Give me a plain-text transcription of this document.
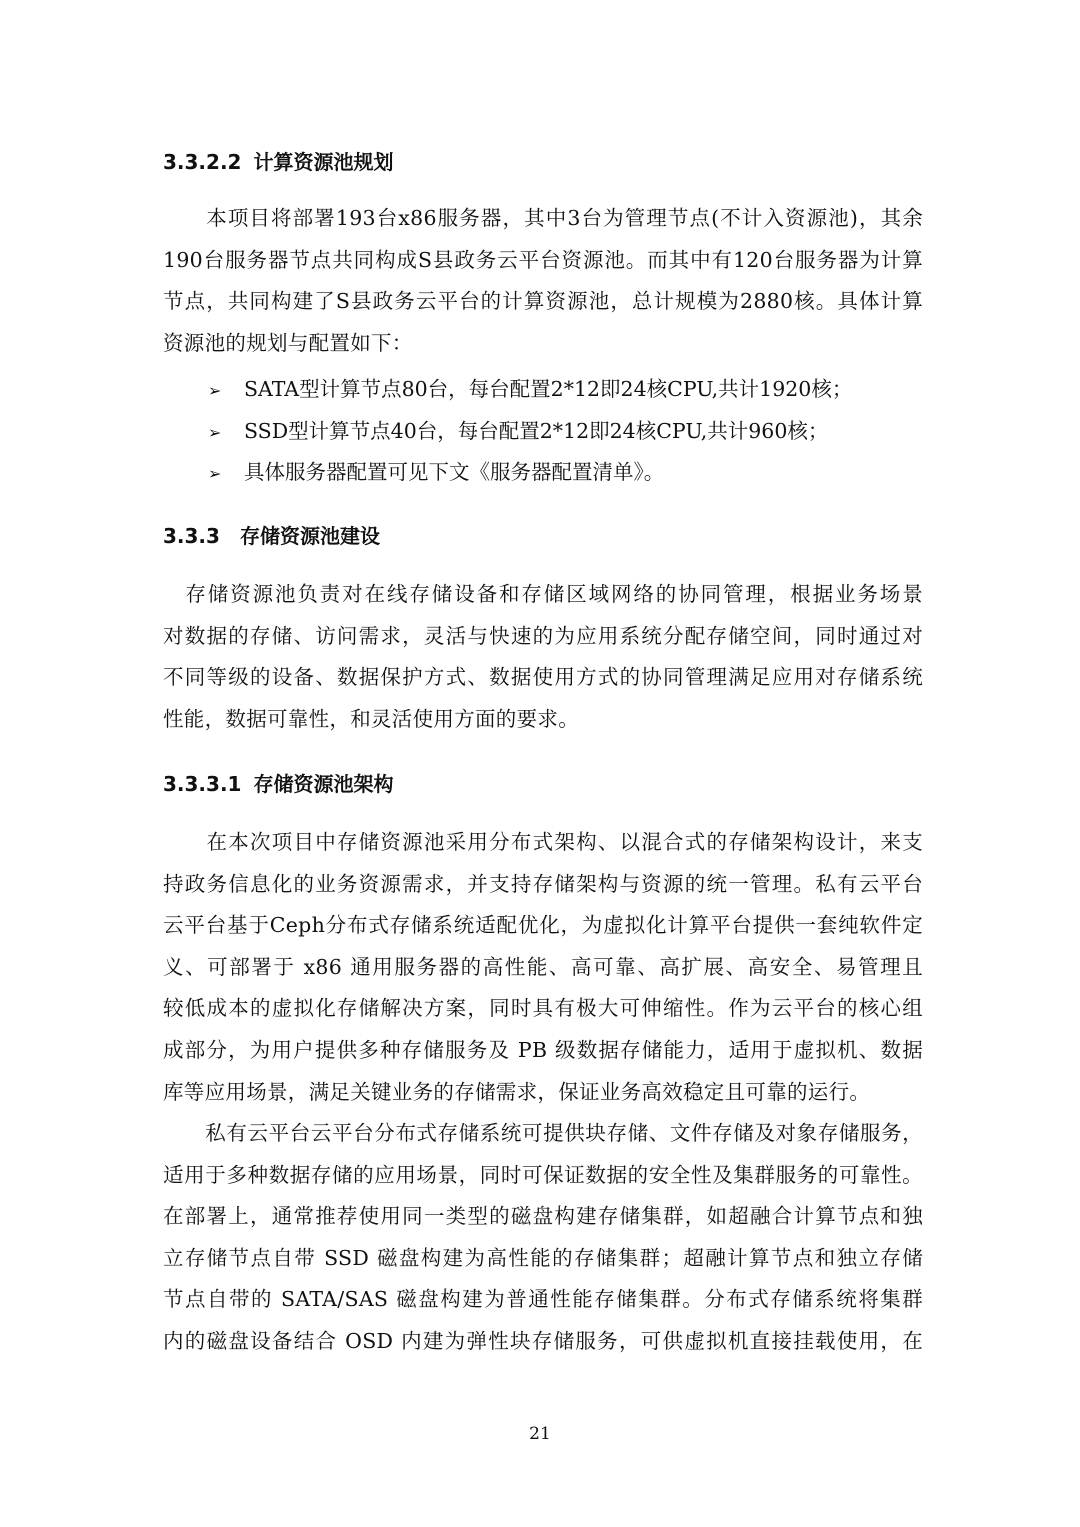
3.3.2.2 计算资源池规划
　　本项目将部署193台x86服务器，其中3台为管理节点(不计入资源池)，其余
190台服务器节点共同构成S县政务云平台资源池。而其中有120台服务器为计算
节点，共同构建了S县政务云平台的计算资源池，总计规模为2880核。具体计算
资源池的规划与配置如下：
➢ SATA型计算节点80台，每台配置2*12即24核CPU,共计1920核；
➢ SSD型计算节点40台，每台配置2*12即24核CPU,共计960核；
➢ 具体服务器配置可见下文《服务器配置清单》。
3.3.3 存储资源池建设
　存储资源池负责对在线存储设备和存储区域网络的协同管理，根据业务场景
对数据的存储、访问需求，灵活与快速的为应用系统分配存储空间，同时通过对
不同等级的设备、数据保护方式、数据使用方式的协同管理满足应用对存储系统
性能，数据可靠性，和灵活使用方面的要求。
3.3.3.1 存储资源池架构
　　在本次项目中存储资源池采用分布式架构、以混合式的存储架构设计，来支
持政务信息化的业务资源需求，并支持存储架构与资源的统一管理。私有云平台
云平台基于Ceph分布式存储系统适配优化，为虚拟化计算平台提供一套纯软件定
义、可部署于 x86 通用服务器的高性能、高可靠、高扩展、高安全、易管理且
较低成本的虚拟化存储解决方案，同时具有极大可伸缩性。作为云平台的核心组
成部分，为用户提供多种存储服务及 PB 级数据存储能力，适用于虚拟机、数据
库等应用场景，满足关键业务的存储需求，保证业务高效稳定且可靠的运行。
　　私有云平台云平台分布式存储系统可提供块存储、文件存储及对象存储服务，
适用于多种数据存储的应用场景，同时可保证数据的安全性及集群服务的可靠性。
在部署上，通常推荐使用同一类型的磁盘构建存储集群，如超融合计算节点和独
立存储节点自带 SSD 磁盘构建为高性能的存储集群；超融计算节点和独立存储
节点自带的 SATA/SAS 磁盘构建为普通性能存储集群。分布式存储系统将集群
内的磁盘设备结合 OSD 内建为弹性块存储服务，可供虚拟机直接挂载使用，在
21
